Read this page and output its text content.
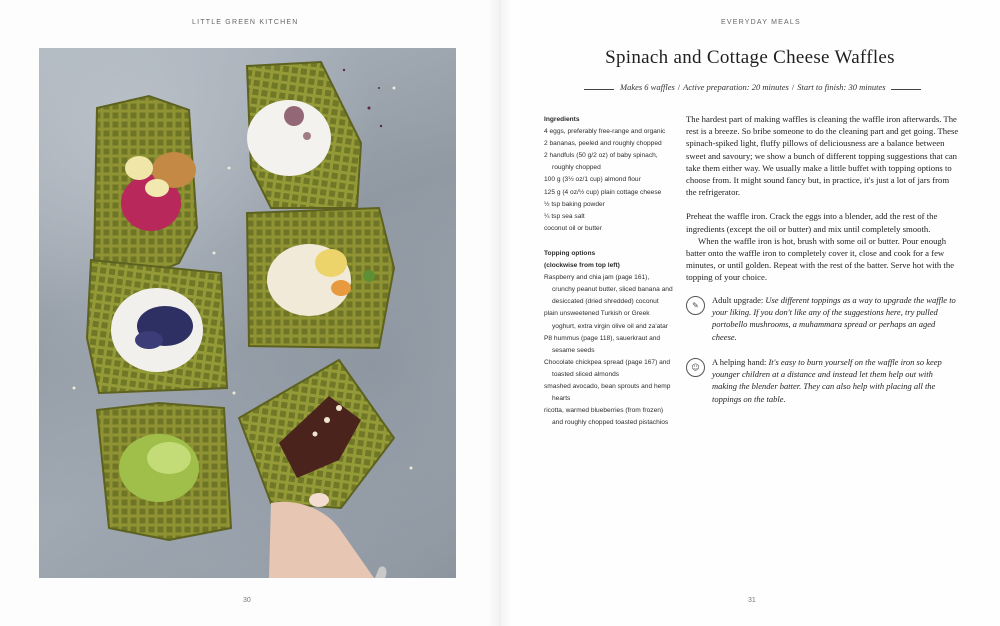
LITTLE GREEN KITCHEN	EVERYDAY MEALS
30	31
Spinach and Cottage Cheese Waffles
Makes 6 waffles / Active preparation: 20 minutes / Start to finish: 30 minutes
Ingredients
4 eggs, preferably free-range and organic
2 bananas, peeled and roughly chopped
2 handfuls (50 g/2 oz) of baby spinach, roughly chopped
100 g (3½ oz/1 cup) almond flour
125 g (4 oz/½ cup) plain cottage cheese
½ tsp baking powder
¼ tsp sea salt
coconut oil or butter
Topping options
(clockwise from top left)
Raspberry and chia jam (page 161), crunchy peanut butter, sliced banana and desiccated (dried shredded) coconut
plain unsweetened Turkish or Greek yoghurt, extra virgin olive oil and za'atar
P8 hummus (page 118), sauerkraut and sesame seeds
Chocolate chickpea spread (page 167) and toasted sliced almonds
smashed avocado, bean sprouts and hemp hearts
ricotta, warmed blueberries (from frozen) and roughly chopped toasted pistachios

The hardest part of making waffles is cleaning the waffle iron afterwards. The rest is a breeze. So bribe someone to do the cleaning part and get going. These spinach-spiked light, fluffy pillows of deliciousness are a balance between sweet and savoury; we show a bunch of different topping suggestions that can take them either way. We usually make a little buffet with topping options to choose from. It might sound fancy but, in practice, it's just a lot of jars from the refrigerator.

Preheat the waffle iron. Crack the eggs into a blender, add the rest of the ingredients (except the oil or butter) and mix until completely smooth.

When the waffle iron is hot, brush with some oil or butter. Pour enough batter onto the waffle iron to completely cover it, close and cook for a few minutes, or until golden. Repeat with the rest of the batter. Serve hot with the topping of your choice.

✎
Adult upgrade: Use different toppings as a way to upgrade the waffle to your liking. If you don't like any of the suggestions here, try pulled portobello mushrooms, a muhammara spread or perhaps an aged cheese.
☺
A helping hand: It's easy to burn yourself on the waffle iron so keep younger children at a distance and instead let them help out with making the blender batter. They can also help with placing all the toppings on the table.
